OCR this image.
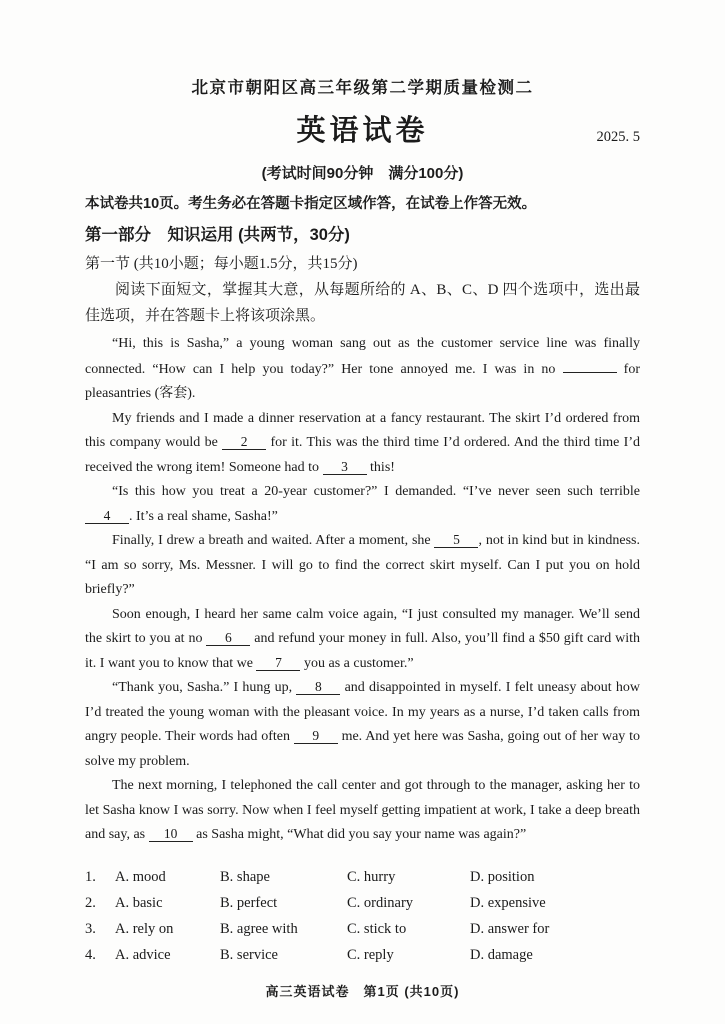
北京市朝阳区高三年级第二学期质量检测二
英语试卷	2025. 5
(考试时间90分钟　满分100分)
本试卷共10页。考生务必在答题卡指定区域作答，在试卷上作答无效。
第一部分　知识运用 (共两节，30分)
第一节 (共10小题；每小题1.5分，共15分)

阅读下面短文，掌握其大意，从每题所给的 A、B、C、D 四个选项中，选出最佳选项，并在答题卡上将该项涂黑。

“Hi, this is Sasha,” a young woman sang out as the customer service line was finally connected. “How can I help you today?” Her tone annoyed me. I was in no	for pleasantries (客套).

My friends and I made a dinner reservation at a fancy restaurant. The skirt I’d ordered from this company would be 2 for it. This was the third time I’d ordered. And the third time I’d received the wrong item! Someone had to 3 this!

“Is this how you treat a 20-year customer?” I demanded. “I’ve never seen such terrible 4 . It’s a real shame, Sasha!”

Finally, I drew a breath and waited. After a moment, she 5 , not in kind but in kindness. “I am so sorry, Ms. Messner. I will go to find the correct skirt myself. Can I put you on hold briefly?”

Soon enough, I heard her same calm voice again, “I just consulted my manager. We’ll send the skirt to you at no 6 and refund your money in full. Also, you’ll find a $50 gift card with it. I want you to know that we 7 you as a customer.”

“Thank you, Sasha.” I hung up, 8 and disappointed in myself. I felt uneasy about how I’d treated the young woman with the pleasant voice. In my years as a nurse, I’d taken calls from angry people. Their words had often 9 me. And yet here was Sasha, going out of her way to solve my problem.

The next morning, I telephoned the call center and got through to the manager, asking her to let Sasha know I was sorry. Now when I feel myself getting impatient at work, I take a deep breath and say, as 10 as Sasha might, “What did you say your name was again?”

1.	A. mood	B. shape	C. hurry	D. position
2.	A. basic	B. perfect	C. ordinary	D. expensive
3.	A. rely on	B. agree with	C. stick to	D. answer for
4.	A. advice	B. service	C. reply	D. damage
高三英语试卷　第1页 (共10页)
